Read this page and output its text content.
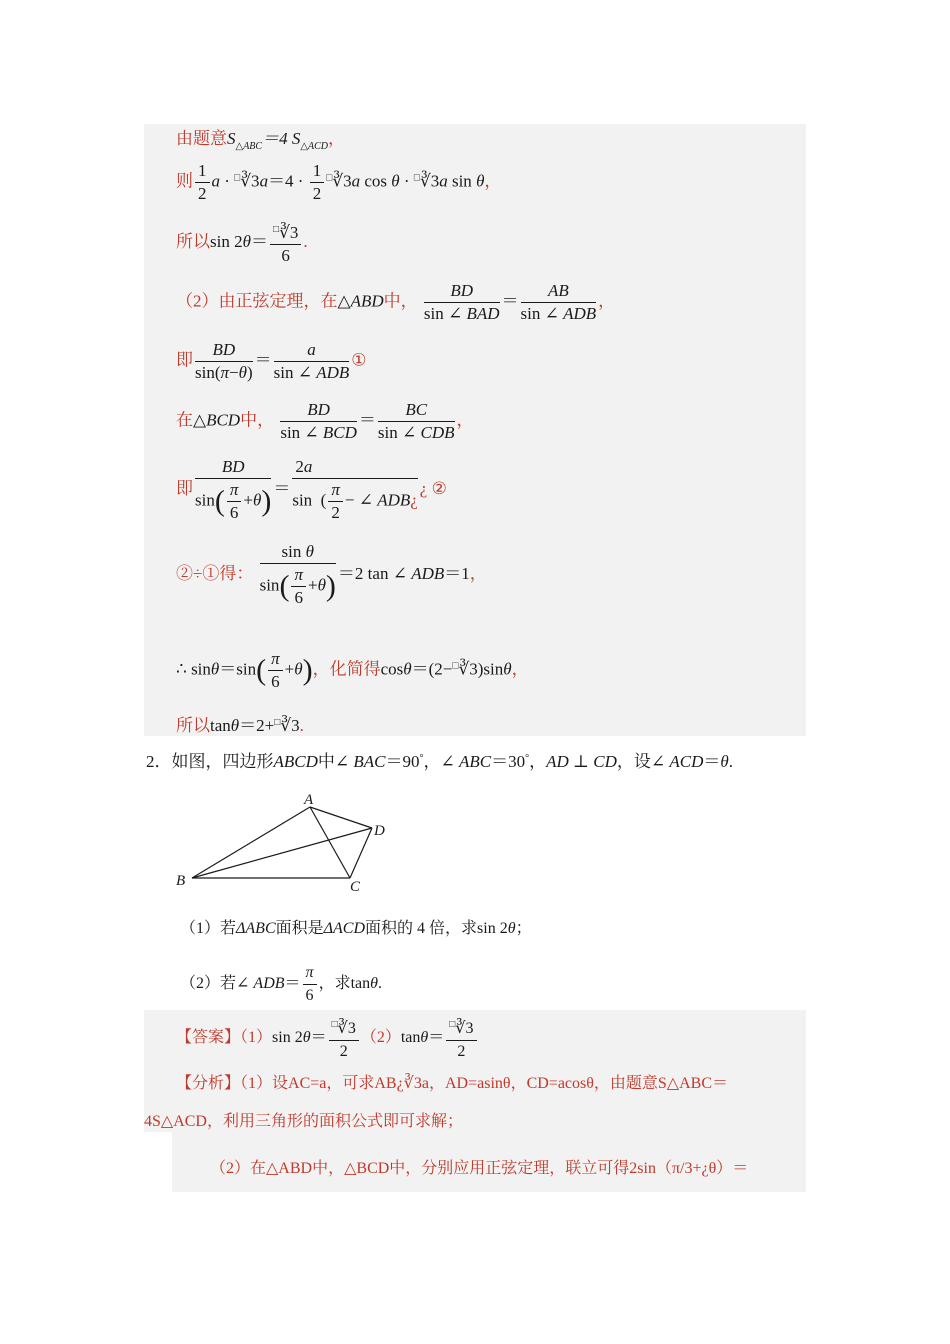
由题意$S_{\triangle ABC}=4$ $S_{\triangle ACD}$，
则 $\frac{1}{2}$ a · □∛3a＝4 · $\frac{1}{2}$ □∛3a cos θ · □∛3a sin θ，
所以$\sin 2\theta= \frac{^□∛3}{6}$ .
（2）由正弦定理，在△ABD中， $\frac{BD}{\text{sin ∠ BAD}} = \frac{AB}{\text{sin ∠ ADB}}$ ，
即 $\frac{BD}{\sin(\pi-\theta)} = \frac{a}{\text{sin ∠ ADB}}$ ①
在△BCD中， $\frac{BD}{\text{sin ∠ BCD}} = \frac{BC}{\text{sin ∠ CDB}}$ ，
即 $\frac{BD}{\sin( \frac{\pi}{6} +\theta)} = \frac{2a}{\sin ( \frac{\pi}{2} - \angle ADB¿}$ ¿ ②
②÷①得： $\frac{\text{sin θ}}{\sin( \frac{\pi}{6} +\theta)} =2$ tan ∠ ADB＝1，
∴ $\sin\theta=\sin( \frac{\pi}{6} +\theta)$，化简得cosθ＝(2−□∛3)sinθ，
所以tanθ＝2+□∛3.
2．如图，四边形ABCD中∠ BAC＝90°，∠ ABC＝30°，AD ⊥ CD，设∠ ACD＝θ.
A
B	C
D
（1）若ΔABC面积是ΔACD面积的 4 倍，求sin 2θ；
（2）若∠ $ADB= \frac{\pi}{6}$ ，求tanθ.
【答案】（1）sin $2\theta= \frac{^□∛3}{2} (2)\tan\theta= \frac{^□∛3}{2}$
【分析】（1）设AC=a，可求AB¿∛3a，AD=asinθ，CD=acosθ，由题意S△ABC＝
4S△ACD，利用三角形的面积公式即可求解；
（2）在△ABD中，△BCD中，分别应用正弦定理，联立可得2sin（π/3+¿θ）＝
